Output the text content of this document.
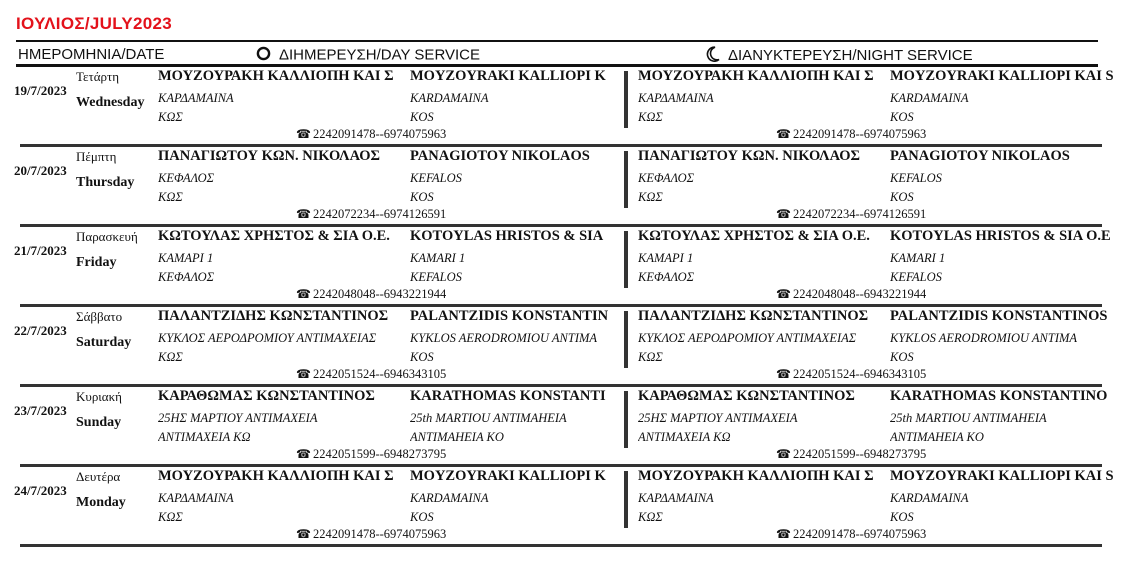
ΙΟΥΛΙΟΣ/JULY2023
ΗΜΕΡΟΜΗΝΙΑ/DATE	ΔΙΗΜΕΡΕΥΣΗ/DAY SERVICE	ΔΙΑΝΥΚΤΕΡΕΥΣΗ/NIGHT SERVICE
19/7/2023
Τετάρτη
Wednesday
ΜΟΥΖΟΥΡΑΚΗ ΚΑΛΛΙΟΠΗ ΚΑΙ Σ
ΚΑΡΔΑΜΑΙΝΑ
ΚΩΣ
MOYZOYRAKI KALLIOPI K
KARDAMAINA
KOS
☎ 2242091478--6974075963
ΜΟΥΖΟΥΡΑΚΗ ΚΑΛΛΙΟΠΗ ΚΑΙ Σ
ΚΑΡΔΑΜΑΙΝΑ
ΚΩΣ
MOYZOYRAKI KALLIOPI KAI S
KARDAMAINA
KOS
☎ 2242091478--6974075963
20/7/2023
Πέμπτη
Thursday
ΠΑΝΑΓΙΩΤΟΥ ΚΩΝ. ΝΙΚΟΛΑΟΣ
ΚΕΦΑΛΟΣ
ΚΩΣ
PANAGIOTOY NIKOLAOS
KEFALOS
KOS
☎ 2242072234--6974126591
ΠΑΝΑΓΙΩΤΟΥ ΚΩΝ. ΝΙΚΟΛΑΟΣ
ΚΕΦΑΛΟΣ
ΚΩΣ
PANAGIOTOY NIKOLAOS
KEFALOS
KOS
☎ 2242072234--6974126591
21/7/2023
Παρασκευή
Friday
ΚΩΤΟΥΛΑΣ ΧΡΗΣΤΟΣ & ΣΙΑ Ο.Ε.
ΚΑΜΑΡΙ 1
ΚΕΦΑΛΟΣ
KOTOYLAS HRISTOS & SIA
KAMARI 1
KEFALOS
☎ 2242048048--6943221944
ΚΩΤΟΥΛΑΣ ΧΡΗΣΤΟΣ & ΣΙΑ Ο.Ε.
ΚΑΜΑΡΙ 1
ΚΕΦΑΛΟΣ
KOTOYLAS HRISTOS & SIA O.E
KAMARI 1
KEFALOS
☎ 2242048048--6943221944
22/7/2023
Σάββατο
Saturday
ΠΑΛΑΝΤΖΙΔΗΣ ΚΩΝΣΤΑΝΤΙΝΟΣ
ΚΥΚΛΟΣ ΑΕΡΟΔΡΟΜΙΟΥ ΑΝΤΙΜΑΧΕΙΑΣ
ΚΩΣ
PALANTZIDIS KONSTANTIN
KYKLOS AERODROMIOU ANTIMA
KOS
☎ 2242051524--6946343105
ΠΑΛΑΝΤΖΙΔΗΣ ΚΩΝΣΤΑΝΤΙΝΟΣ
ΚΥΚΛΟΣ ΑΕΡΟΔΡΟΜΙΟΥ ΑΝΤΙΜΑΧΕΙΑΣ
ΚΩΣ
PALANTZIDIS KONSTANTINOS
KYKLOS AERODROMIOU ANTIMA
KOS
☎ 2242051524--6946343105
23/7/2023
Κυριακή
Sunday
ΚΑΡΑΘΩΜΑΣ ΚΩΝΣΤΑΝΤΙΝΟΣ
25ΗΣ ΜΑΡΤΙΟΥ ΑΝΤΙΜΑΧΕΙΑ
ΑΝΤΙΜΑΧΕΙΑ ΚΩ
KARATHOMAS KONSTANTI
25th MARTIOU ANTIMAHEIA
ANTIMAHEIA KO
☎ 2242051599--6948273795
ΚΑΡΑΘΩΜΑΣ ΚΩΝΣΤΑΝΤΙΝΟΣ
25ΗΣ ΜΑΡΤΙΟΥ ΑΝΤΙΜΑΧΕΙΑ
ΑΝΤΙΜΑΧΕΙΑ ΚΩ
KARATHOMAS KONSTANTINO
25th MARTIOU ANTIMAHEIA
ANTIMAHEIA KO
☎ 2242051599--6948273795
24/7/2023
Δευτέρα
Monday
ΜΟΥΖΟΥΡΑΚΗ ΚΑΛΛΙΟΠΗ ΚΑΙ Σ
ΚΑΡΔΑΜΑΙΝΑ
ΚΩΣ
MOYZOYRAKI KALLIOPI K
KARDAMAINA
KOS
☎ 2242091478--6974075963
ΜΟΥΖΟΥΡΑΚΗ ΚΑΛΛΙΟΠΗ ΚΑΙ Σ
ΚΑΡΔΑΜΑΙΝΑ
ΚΩΣ
MOYZOYRAKI KALLIOPI KAI S
KARDAMAINA
KOS
☎ 2242091478--6974075963
